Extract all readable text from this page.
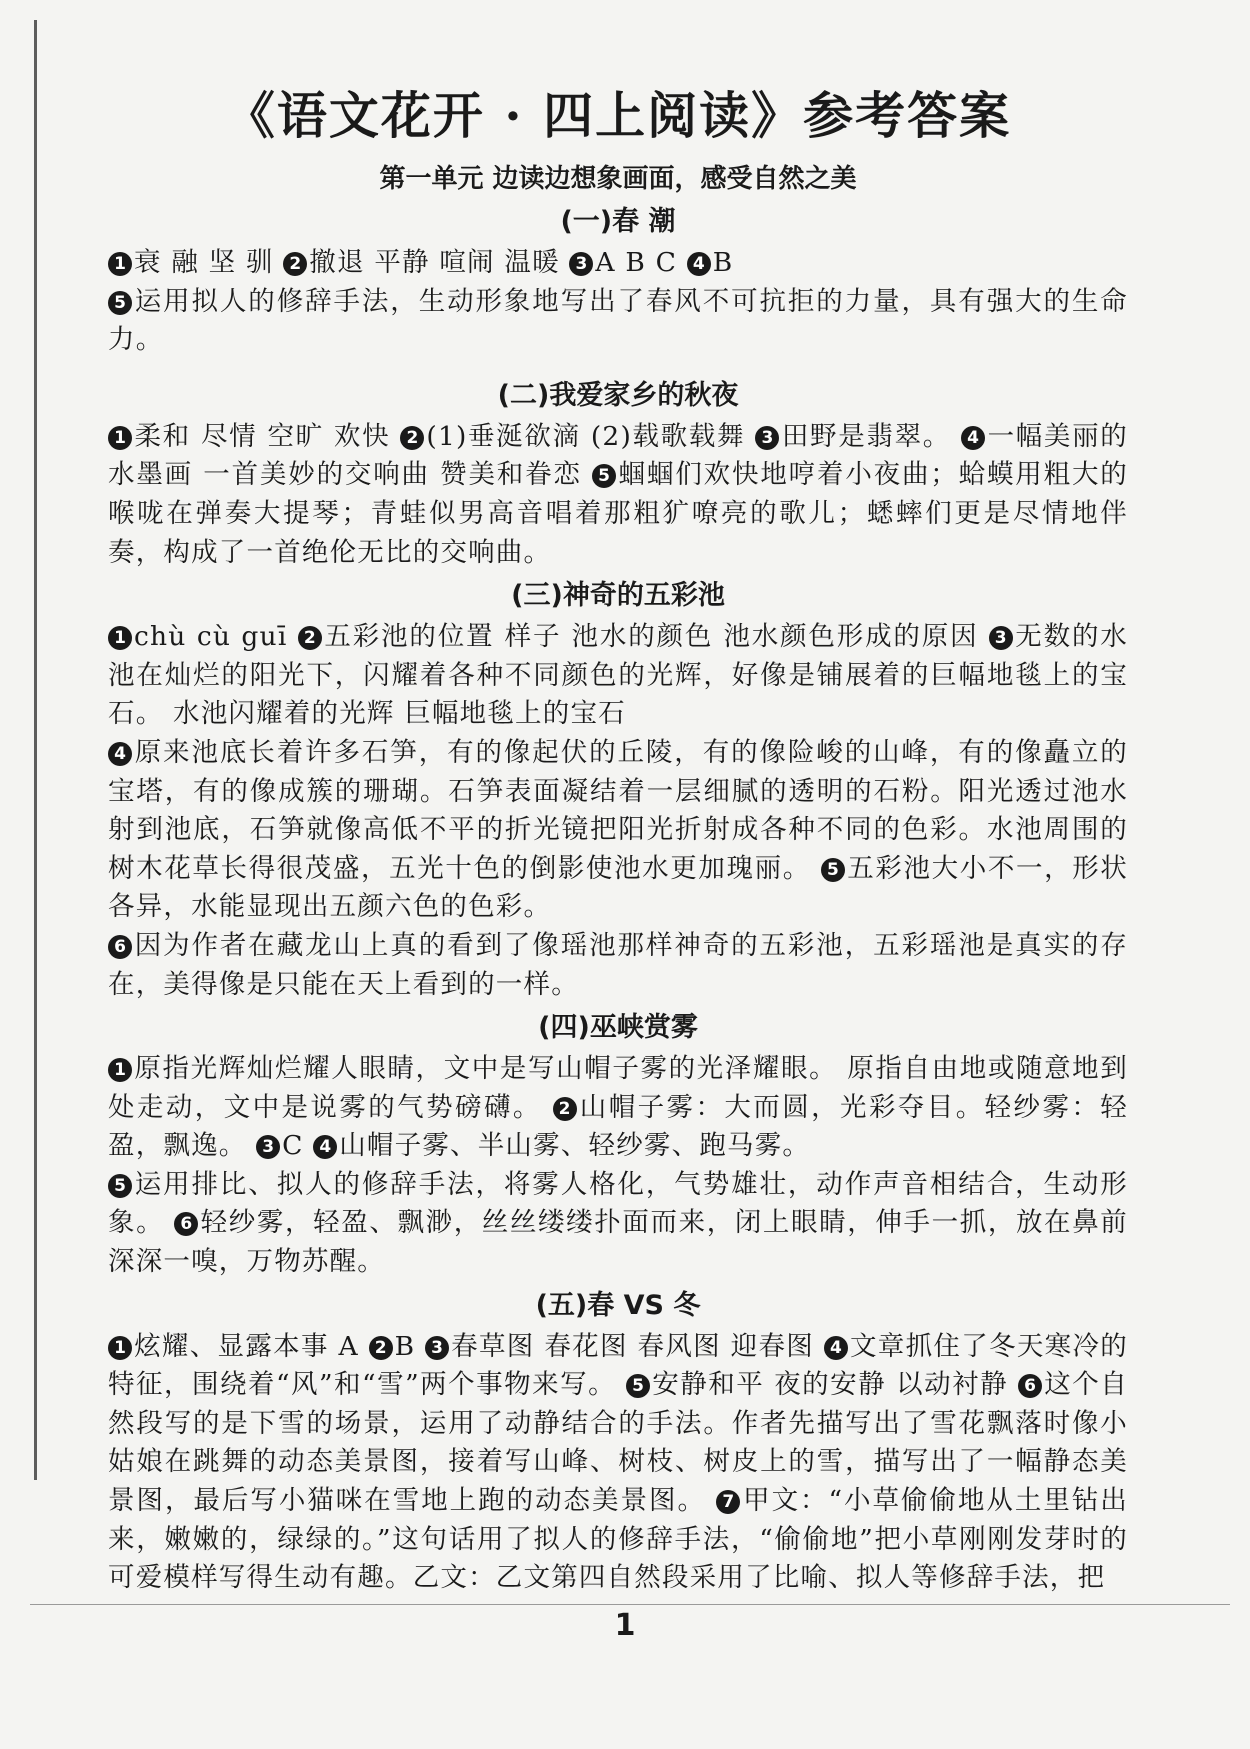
《语文花开 · 四上阅读》参考答案
第一单元 边读边想象画面，感受自然之美
(一)春 潮

1 衰 融 坚 驯 2 撤退 平静 喧闹 温暖 3 A B C 4 B
5 运用拟人的修辞手法，生动形象地写出了春风不可抗拒的力量，具有强大的生命力。

(二)我爱家乡的秋夜

1 柔和 尽情 空旷 欢快 2 (1)垂涎欲滴 (2)载歌载舞 3 田野是翡翠。 4 一幅美丽的水墨画 一首美妙的交响曲 赞美和眷恋 5 蝈蝈们欢快地哼着小夜曲；蛤蟆用粗大的喉咙在弹奏大提琴；青蛙似男高音唱着那粗犷嘹亮的歌儿；蟋蟀们更是尽情地伴奏，构成了一首绝伦无比的交响曲。

(三)神奇的五彩池

1 chù cù guī 2 五彩池的位置 样子 池水的颜色 池水颜色形成的原因 3 无数的水池在灿烂的阳光下，闪耀着各种不同颜色的光辉，好像是铺展着的巨幅地毯上的宝石。 水池闪耀着的光辉 巨幅地毯上的宝石
4 原来池底长着许多石笋，有的像起伏的丘陵，有的像险峻的山峰，有的像矗立的宝塔，有的像成簇的珊瑚。石笋表面凝结着一层细腻的透明的石粉。阳光透过池水射到池底，石笋就像高低不平的折光镜把阳光折射成各种不同的色彩。水池周围的树木花草长得很茂盛，五光十色的倒影使池水更加瑰丽。 5 五彩池大小不一，形状各异，水能显现出五颜六色的色彩。
6 因为作者在藏龙山上真的看到了像瑶池那样神奇的五彩池，五彩瑶池是真实的存在，美得像是只能在天上看到的一样。

(四)巫峡赏雾

1 原指光辉灿烂耀人眼睛，文中是写山帽子雾的光泽耀眼。 原指自由地或随意地到处走动，文中是说雾的气势磅礴。 2 山帽子雾：大而圆，光彩夺目。轻纱雾：轻盈，飘逸。 3 C 4 山帽子雾、半山雾、轻纱雾、跑马雾。
5 运用排比、拟人的修辞手法，将雾人格化，气势雄壮，动作声音相结合，生动形象。 6 轻纱雾，轻盈、飘渺，丝丝缕缕扑面而来，闭上眼睛，伸手一抓，放在鼻前深深一嗅，万物苏醒。

(五)春 VS 冬

1 炫耀、显露本事 A 2 B 3 春草图 春花图 春风图 迎春图 4 文章抓住了冬天寒冷的特征，围绕着“风”和“雪”两个事物来写。 5 安静和平 夜的安静 以动衬静 6 这个自然段写的是下雪的场景，运用了动静结合的手法。作者先描写出了雪花飘落时像小姑娘在跳舞的动态美景图，接着写山峰、树枝、树皮上的雪，描写出了一幅静态美景图，最后写小猫咪在雪地上跑的动态美景图。 7 甲文：“小草偷偷地从土里钻出来，嫩嫩的，绿绿的。”这句话用了拟人的修辞手法，“偷偷地”把小草刚刚发芽时的可爱模样写得生动有趣。乙文：乙文第四自然段采用了比喻、拟人等修辞手法，把

1
